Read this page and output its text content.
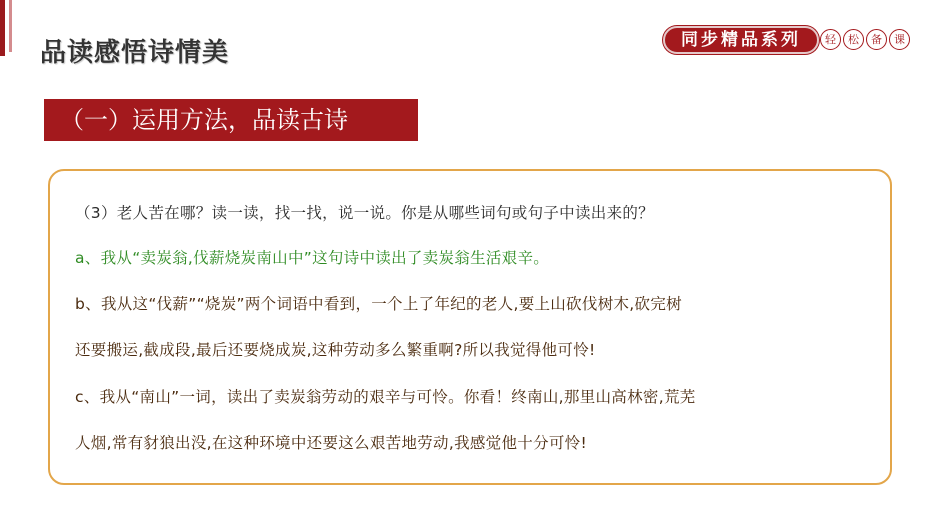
品读感悟诗情美	同步精品系列	轻	松	备	课
（一）运用方法，品读古诗
（3）老人苦在哪？读一读，找一找，说一说。你是从哪些词句或句子中读出来的？
a、我从“卖炭翁,伐薪烧炭南山中”这句诗中读出了卖炭翁生活艰辛。
b、我从这“伐薪”“烧炭”两个词语中看到，一个上了年纪的老人,要上山砍伐树木,砍完树
还要搬运,截成段,最后还要烧成炭,这种劳动多么繁重啊?所以我觉得他可怜!
c、我从“南山”一词，读出了卖炭翁劳动的艰辛与可怜。你看！终南山,那里山高林密,荒芜
人烟,常有豺狼出没,在这种环境中还要这么艰苦地劳动,我感觉他十分可怜!
